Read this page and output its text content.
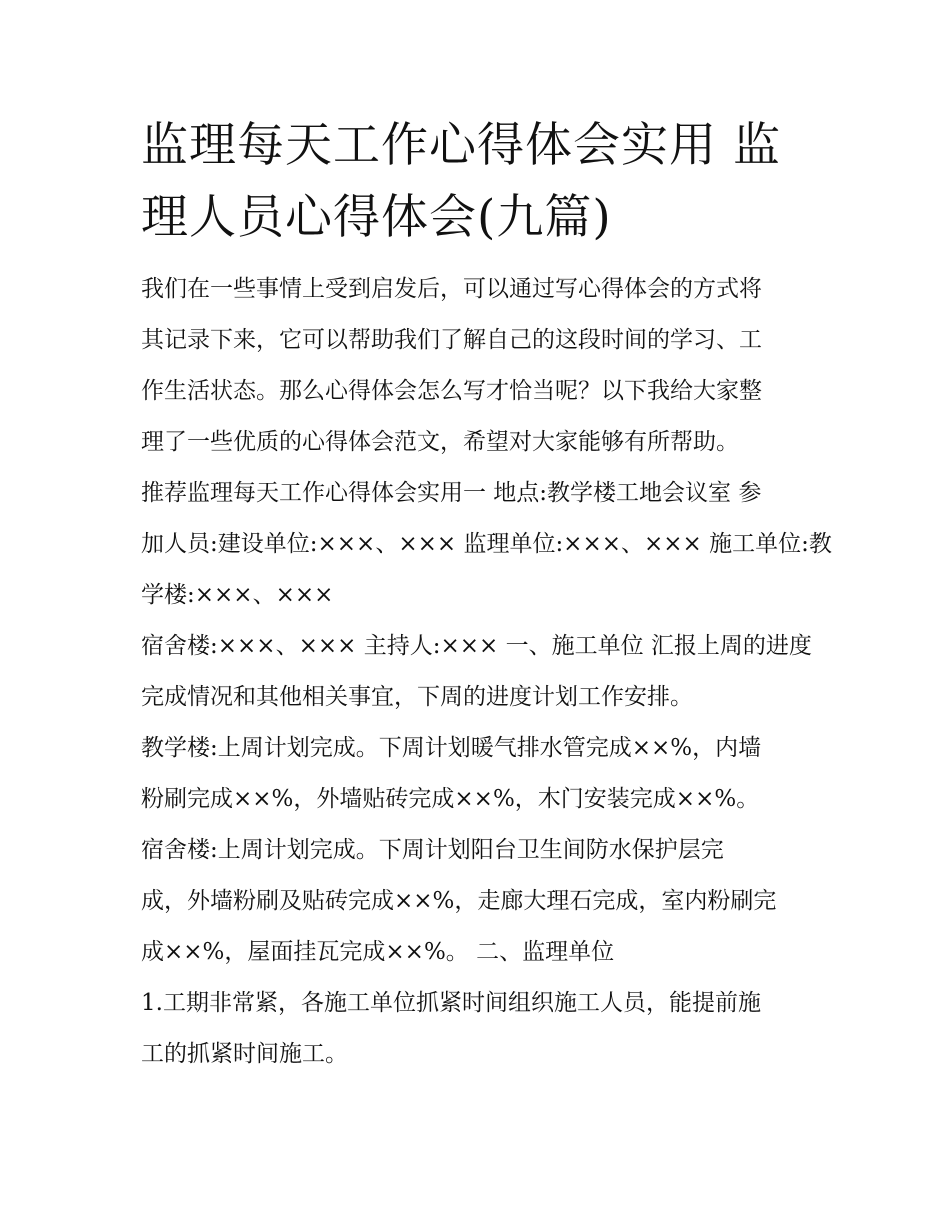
监理每天工作心得体会实用 监
理人员心得体会(九篇)

我们在一些事情上受到启发后，可以通过写心得体会的方式将
其记录下来，它可以帮助我们了解自己的这段时间的学习、工
作生活状态。那么心得体会怎么写才恰当呢？以下我给大家整
理了一些优质的心得体会范文，希望对大家能够有所帮助。

推荐监理每天工作心得体会实用一 地点:教学楼工地会议室 参
加人员:建设单位:×××、××× 监理单位:×××、××× 施工单位:教
学楼:×××、×××

宿舍楼:×××、××× 主持人:××× 一、施工单位 汇报上周的进度
完成情况和其他相关事宜，下周的进度计划工作安排。

教学楼:上周计划完成。下周计划暖气排水管完成××%，内墙
粉刷完成××%，外墙贴砖完成××%，木门安装完成××%。

宿舍楼:上周计划完成。下周计划阳台卫生间防水保护层完
成，外墙粉刷及贴砖完成××%，走廊大理石完成，室内粉刷完
成××%，屋面挂瓦完成××%。 二、监理单位

1.工期非常紧，各施工单位抓紧时间组织施工人员，能提前施
工的抓紧时间施工。
